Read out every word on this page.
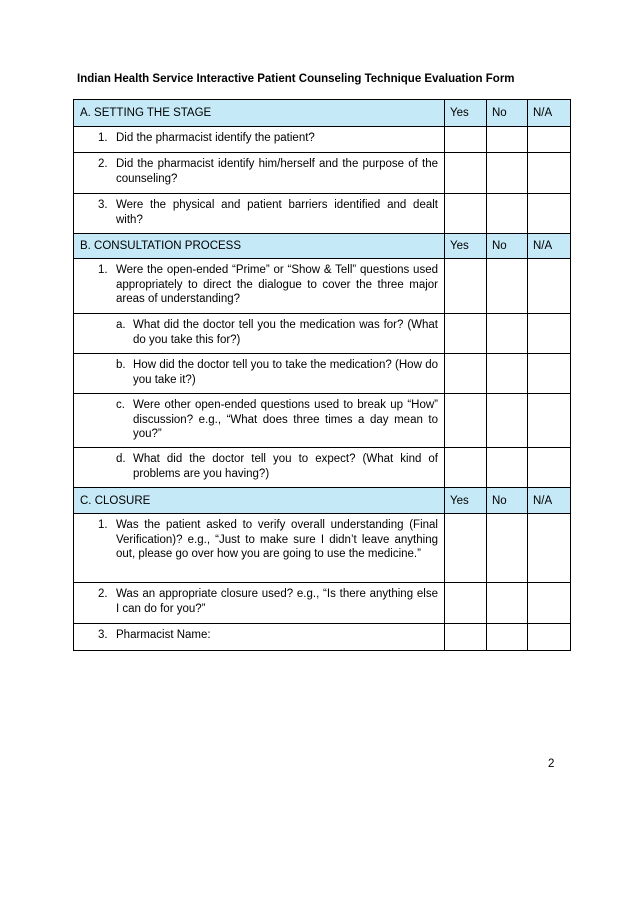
Indian Health Service Interactive Patient Counseling Technique Evaluation Form
A. SETTING THE STAGE	Yes	No	N/A

1. Did the pharmacist identify the patient?			

2. Did the pharmacist identify him/herself and the purpose of the counseling?			

3. Were the physical and patient barriers identified and dealt with?			

B. CONSULTATION PROCESS	Yes	No	N/A

1. Were the open-ended “Prime” or “Show & Tell” questions used appropriately to direct the dialogue to cover the three major areas of understanding?			

a. What did the doctor tell you the medication was for? (What do you take this for?)			

b. How did the doctor tell you to take the medication? (How do you take it?)			

c. Were other open-ended questions used to break up “How” discussion? e.g., “What does three times a day mean to you?”			

d. What did the doctor tell you to expect? (What kind of problems are you having?)			

C. CLOSURE	Yes	No	N/A

1. Was the patient asked to verify overall understanding (Final Verification)? e.g., “Just to make sure I didn’t leave anything out, please go over how you are going to use the medicine.”			

2. Was an appropriate closure used? e.g., “Is there anything else I can do for you?”			

3. Pharmacist Name:			

2
